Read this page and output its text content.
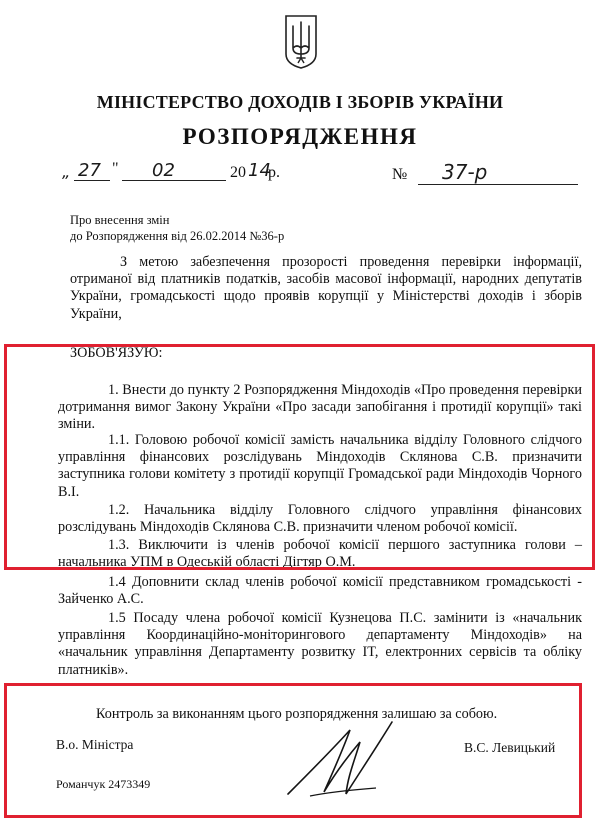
МІНІСТЕРСТВО ДОХОДІВ І ЗБОРІВ УКРАЇНИ
РОЗПОРЯДЖЕННЯ
„ 27 " 02	20 14
р.	№ 37-р
Про внесення змін
до Розпорядження від 26.02.2014 №36-р
З метою забезпечення прозорості проведення перевірки інформації, отриманої від платників податків, засобів масової інформації, народних депутатів України, громадськості щодо проявів корупції у Міністерстві доходів і зборів України,
ЗОБОВ'ЯЗУЮ:
1. Внести до пункту 2 Розпорядження Міндоходів «Про проведення перевірки дотримання вимог Закону України «Про засади запобігання і протидії корупції» такі зміни.
1.1. Головою робочої комісії замість начальника відділу Головного слідчого управління фінансових розслідувань Міндоходів Склянова С.В. призначити заступника голови комітету з протидії корупції Громадської ради Міндоходів Чорного В.І.
1.2. Начальника відділу Головного слідчого управління фінансових розслідувань Міндоходів Склянова С.В. призначити членом робочої комісії.
1.3. Виключити із членів робочої комісії першого заступника голови – начальника УПМ в Одеській області Дігтяр О.М.
1.4 Доповнити склад членів робочої комісії представником громадськості - Зайченко А.С.
1.5 Посаду члена робочої комісії Кузнецова П.С. замінити із «начальник управління Координаційно-моніторингового департаменту Міндоходів» на «начальник управління Департаменту розвитку IT, електронних сервісів та обліку платників».
Контроль за виконанням цього розпорядження залишаю за собою.
В.о. Міністра	В.С. Левицький
Романчук 2473349
